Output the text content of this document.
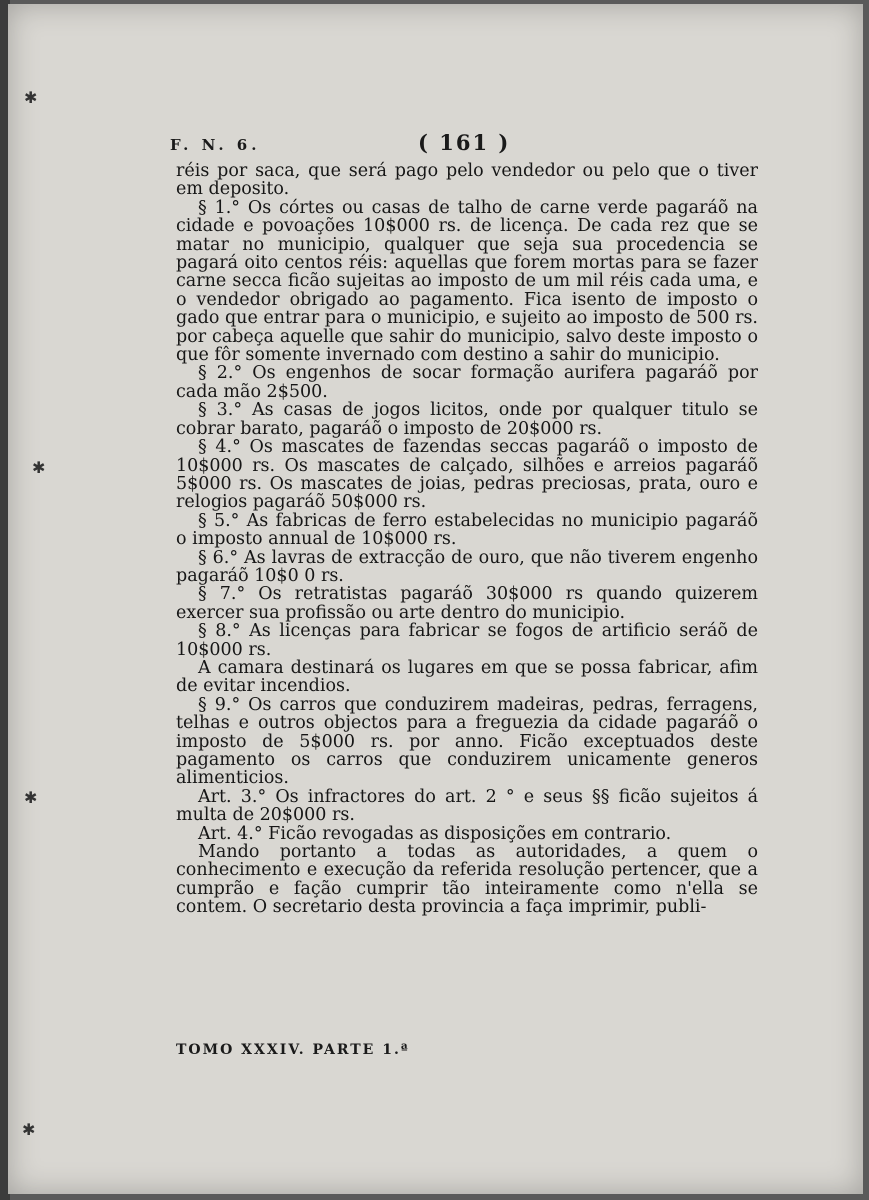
✱
✱
✱
✱
F. N. 6.	( 161 )

réis por saca, que será pago pelo vendedor ou pelo que o tiver em deposito.

§ 1.° Os córtes ou casas de talho de carne verde pagaráõ na cidade e povoações 10$000 rs. de licença. De cada rez que se matar no municipio, qualquer que seja sua procedencia se pagará oito centos réis: aquellas que forem mortas para se fazer carne secca ficão sujeitas ao imposto de um mil réis cada uma, e o vendedor obrigado ao pagamento. Fica isento de imposto o gado que entrar para o municipio, e sujeito ao imposto de 500 rs. por cabeça aquelle que sahir do municipio, salvo deste imposto o que fôr somente invernado com destino a sahir do municipio.

§ 2.° Os engenhos de socar formação aurifera pagaráõ por cada mão 2$500.

§ 3.° As casas de jogos licitos, onde por qualquer titulo se cobrar barato, pagaráõ o imposto de 20$000 rs.

§ 4.° Os mascates de fazendas seccas pagaráõ o imposto de 10$000 rs. Os mascates de calçado, silhões e arreios pagaráõ 5$000 rs. Os mascates de joias, pedras preciosas, prata, ouro e relogios pagaráõ 50$000 rs.

§ 5.° As fabricas de ferro estabelecidas no municipio pagaráõ o imposto annual de 10$000 rs.

§ 6.° As lavras de extracção de ouro, que não tiverem engenho pagaráõ 10$0 0 rs.

§ 7.° Os retratistas pagaráõ 30$000 rs quando quizerem exercer sua profissão ou arte dentro do municipio.

§ 8.° As licenças para fabricar se fogos de artificio seráõ de 10$000 rs.

A camara destinará os lugares em que se possa fabricar, afim de evitar incendios.

§ 9.° Os carros que conduzirem madeiras, pedras, ferragens, telhas e outros objectos para a freguezia da cidade pagaráõ o imposto de 5$000 rs. por anno. Ficão exceptuados deste pagamento os carros que conduzirem unicamente generos alimenticios.

Art. 3.° Os infractores do art. 2 ° e seus §§ ficão sujeitos á multa de 20$000 rs.

Art. 4.° Ficão revogadas as disposições em contrario.

Mando portanto a todas as autoridades, a quem o conhecimento e execução da referida resolução pertencer, que a cumprão e fação cumprir tão inteiramente como n'ella se contem. O secretario desta provincia a faça imprimir, publi-

TOMO XXXIV. PARTE 1.ª
